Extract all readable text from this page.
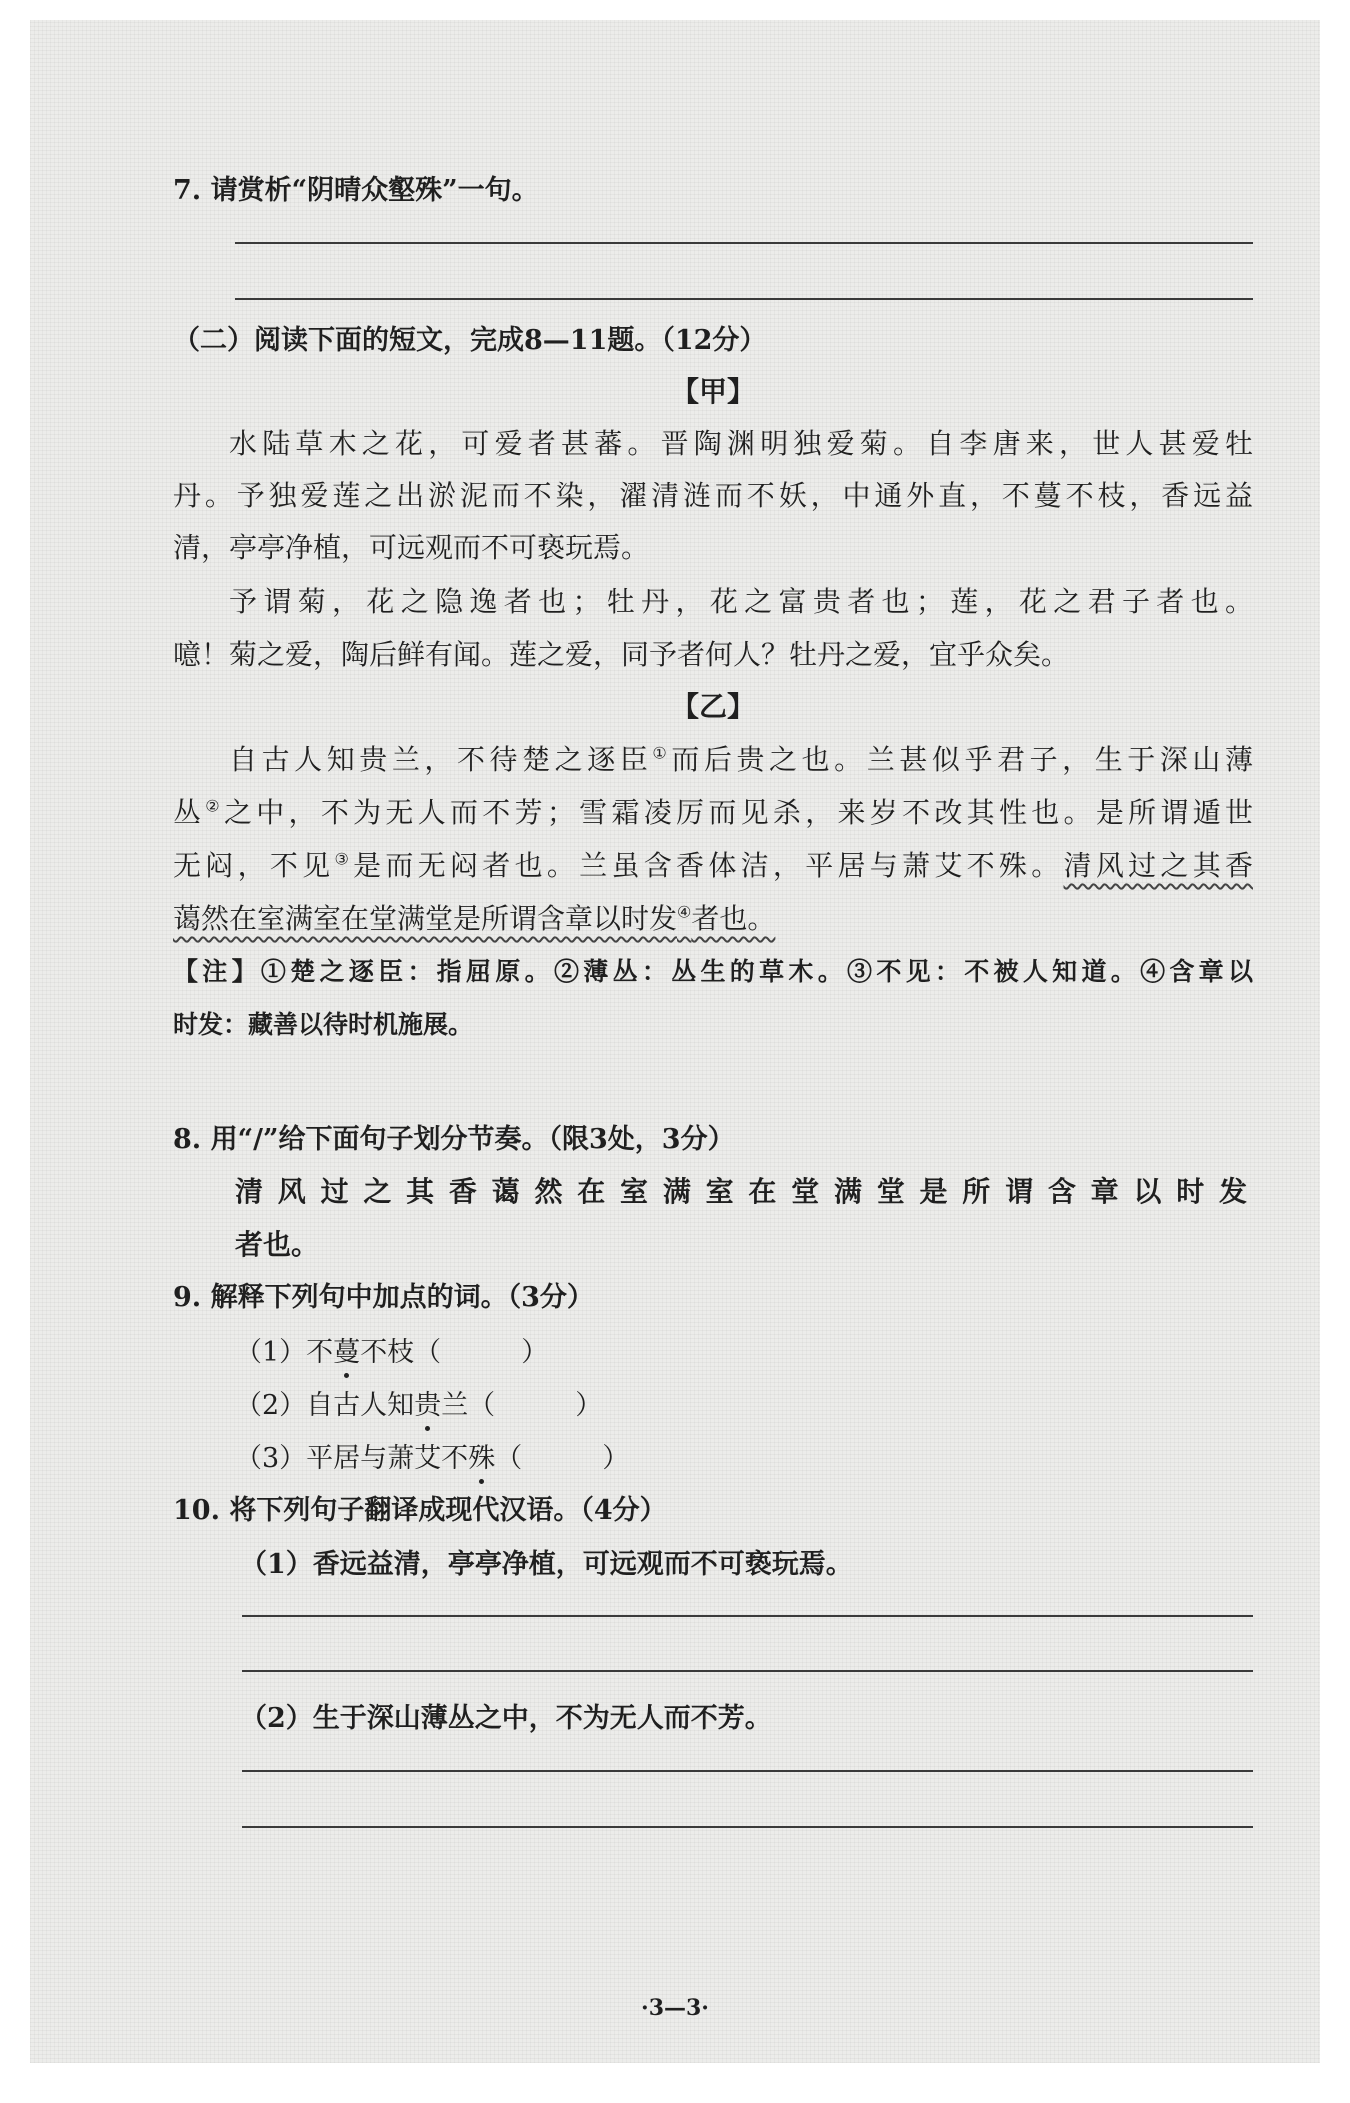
7. 请赏析“阴晴众壑殊”一句。
（二）阅读下面的短文，完成8—11题。（12分）
【甲】
水陆草木之花，可爱者甚蕃。晋陶渊明独爱菊。自李唐来，世人甚爱牡
丹。予独爱莲之出淤泥而不染，濯清涟而不妖，中通外直，不蔓不枝，香远益
清，亭亭净植，可远观而不可亵玩焉。
予谓菊，花之隐逸者也；牡丹，花之富贵者也；莲，花之君子者也。
噫！菊之爱，陶后鲜有闻。莲之爱，同予者何人？牡丹之爱，宜乎众矣。
【乙】
自古人知贵兰，不待楚之逐臣①而后贵之也。兰甚似乎君子，生于深山薄
丛②之中，不为无人而不芳；雪霜凌厉而见杀，来岁不改其性也。是所谓遁世
无闷，不见③是而无闷者也。兰虽含香体洁，平居与萧艾不殊。清风过之其香
蔼然在室满室在堂满堂是所谓含章以时发④者也。
【注】①楚之逐臣：指屈原。②薄丛：丛生的草木。③不见：不被人知道。④含章以
时发：藏善以待时机施展。
8. 用“/”给下面句子划分节奏。（限3处，3分）
清风过之其香蔼然在室满室在堂满堂是所谓含章以时发
者也。
9. 解释下列句中加点的词。（3分）
（1）不蔓不枝（	）
（2）自古人知贵兰（	）
（3）平居与萧艾不殊（	）
10. 将下列句子翻译成现代汉语。（4分）
（1）香远益清，亭亭净植，可远观而不可亵玩焉。
（2）生于深山薄丛之中，不为无人而不芳。
·3—3·
